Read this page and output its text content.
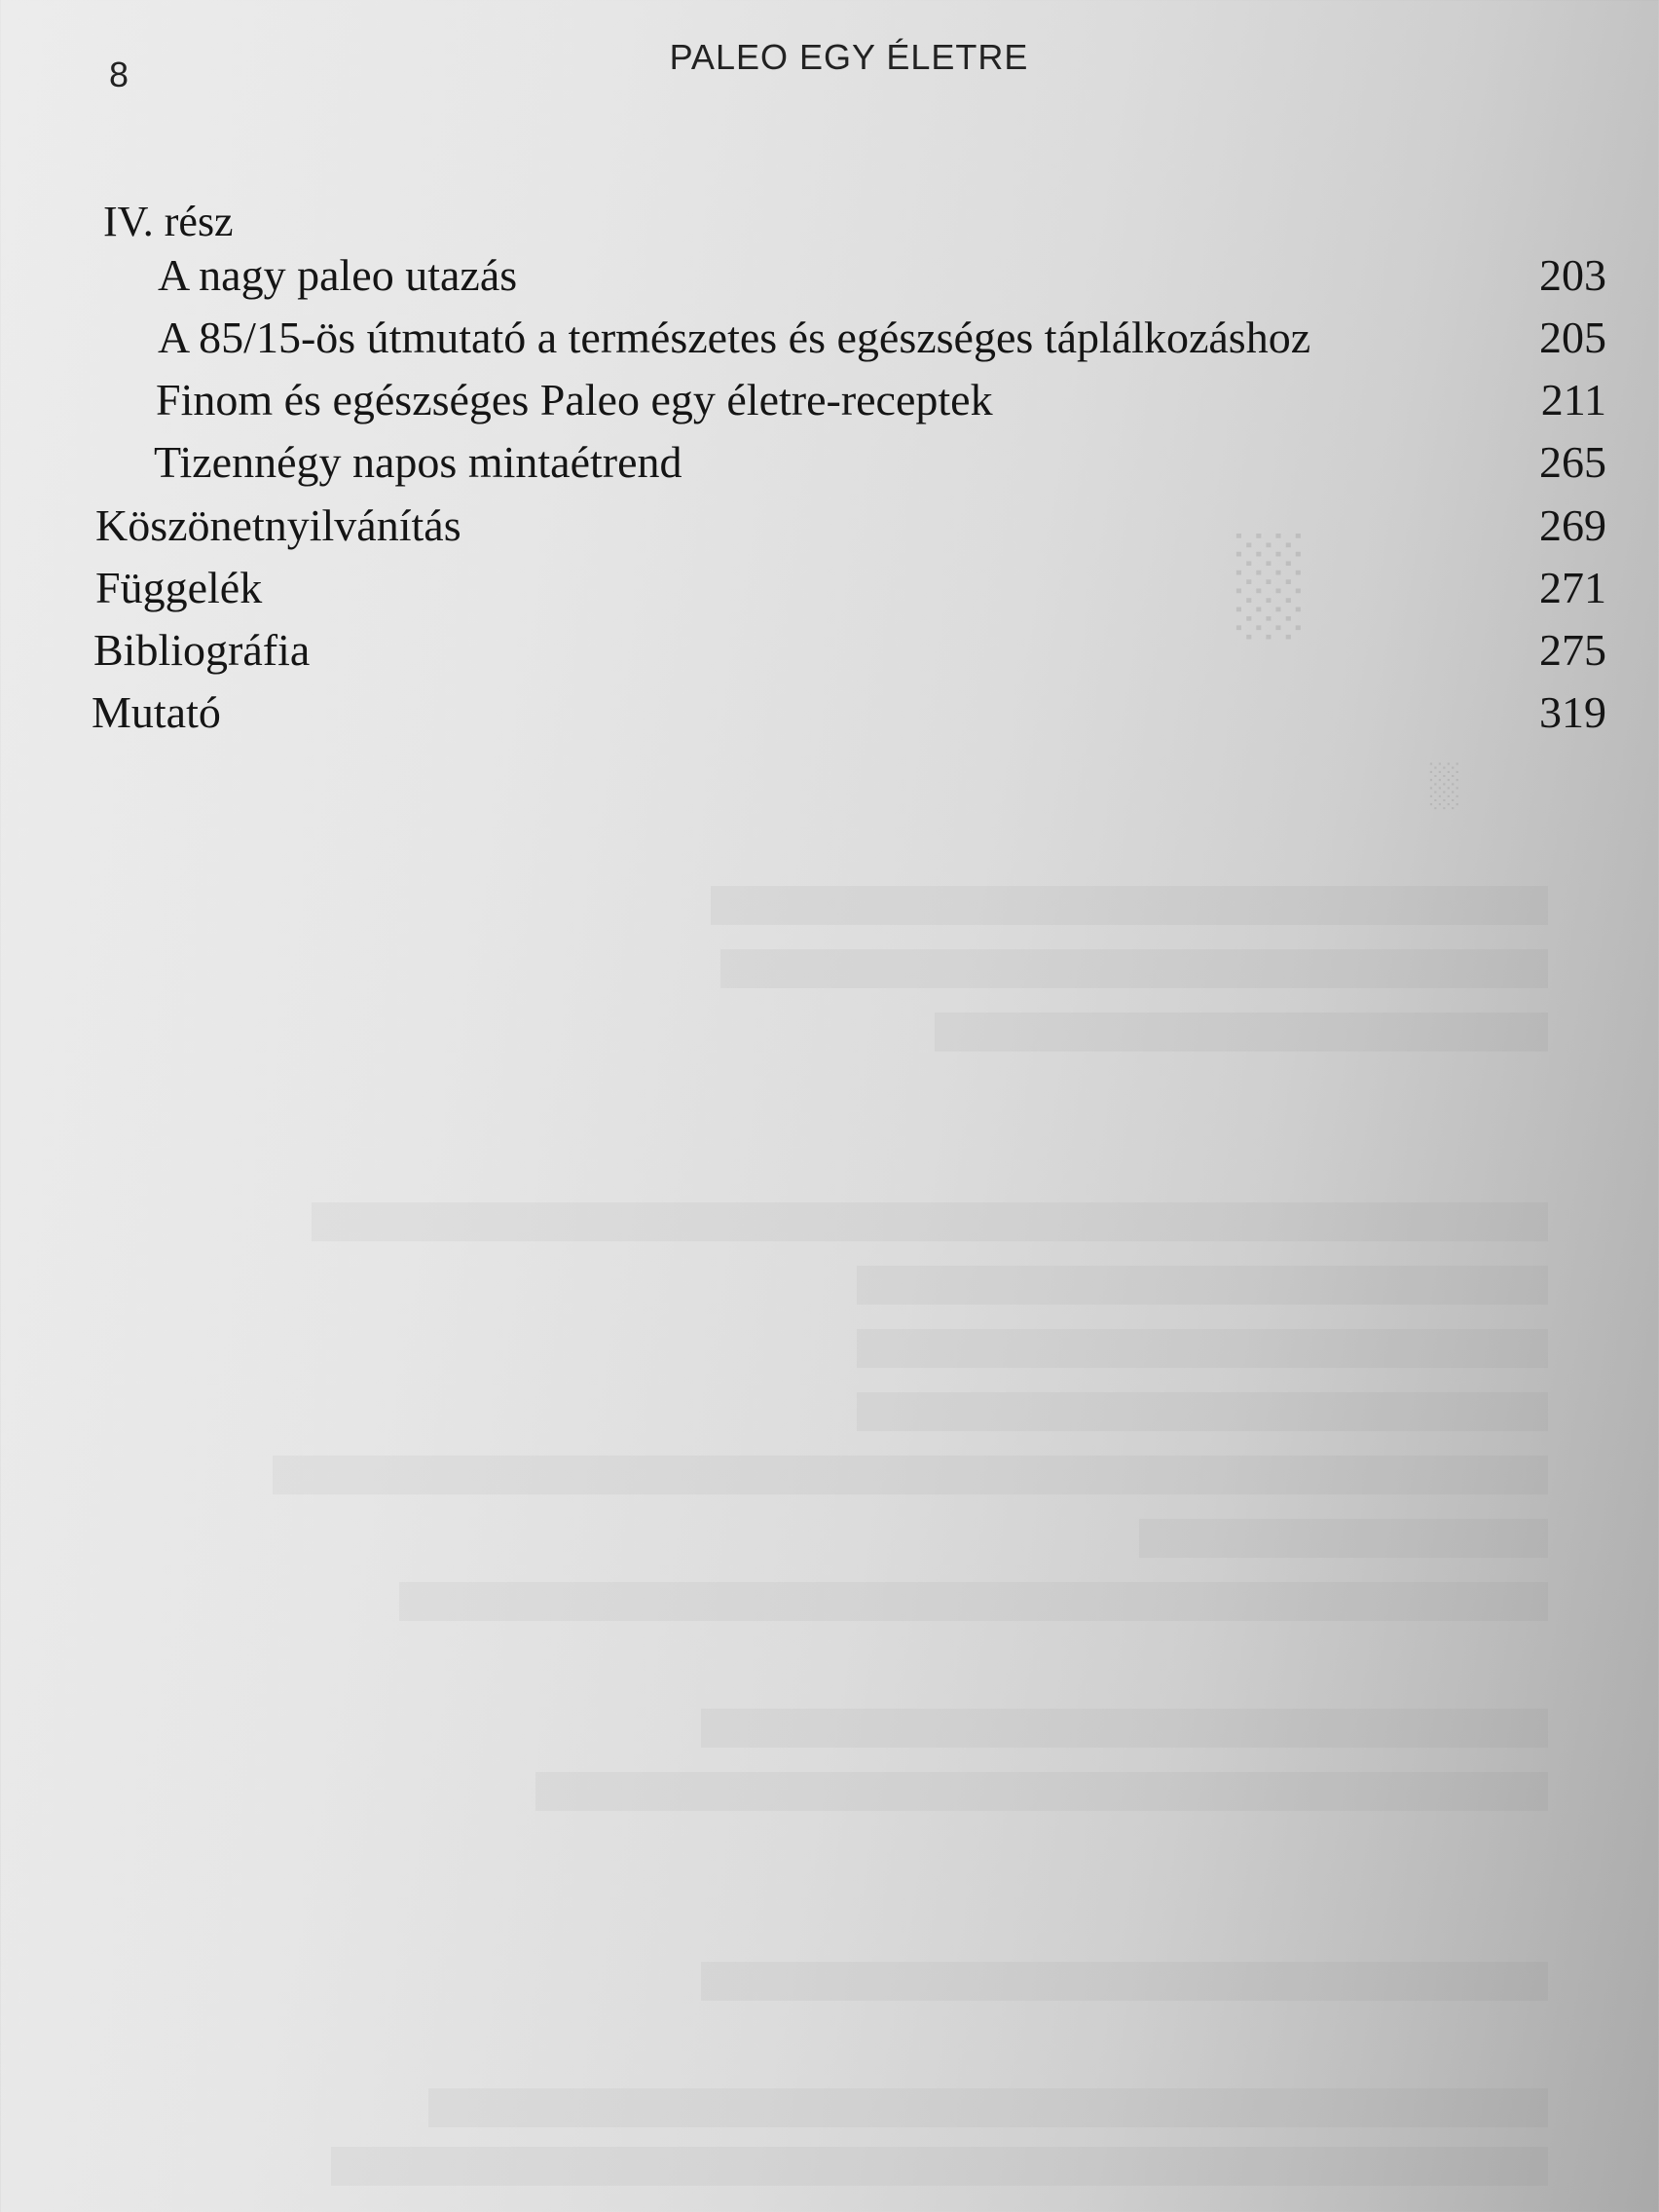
░
░
8	PALEO EGY ÉLETRE
IV. rész
A nagy paleo utazás	203
A 85/15-ös útmutató a természetes és egészséges táplálkozáshoz	205
Finom és egészséges Paleo egy életre-receptek	211
Tizennégy napos mintaétrend	265
Köszönetnyilvánítás	269
Függelék	271
Bibliográfia	275
Mutató	319
